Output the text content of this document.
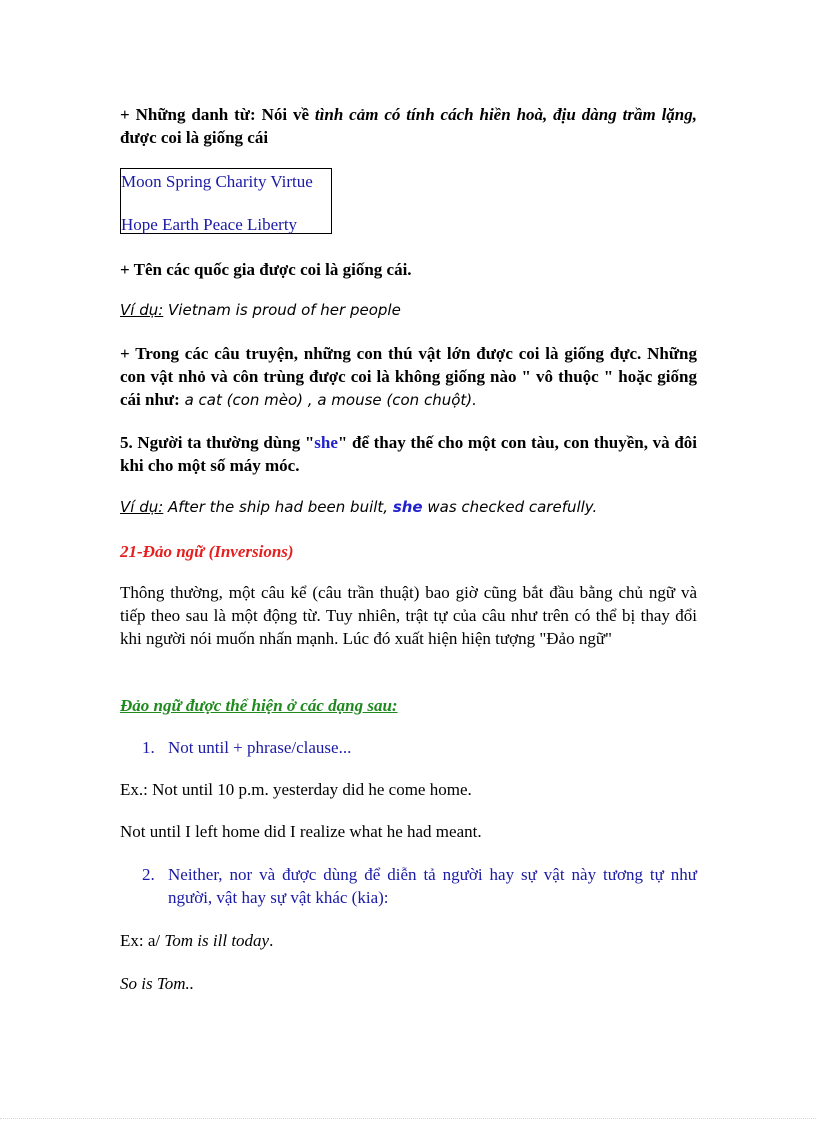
+ Những danh từ: Nói về tình cảm có tính cách hiền hoà, địu dàng trầm lặng, được coi là giống cái

Moon Spring Charity Virtue
Hope Earth Peace Liberty

+ Tên các quốc gia được coi là giống cái.

Ví dụ: Vietnam is proud of her people

+ Trong các câu truyện, những con thú vật lớn được coi là giống đực. Những con vật nhỏ và côn trùng được coi là không giống nào " vô thuộc " hoặc giống cái như: a cat (con mèo) , a mouse (con chuột).

5. Người ta thường dùng "she" để thay thế cho một con tàu, con thuyền, và đôi khi cho một số máy móc.

Ví dụ: After the ship had been built, she was checked carefully.

21-Đảo ngữ (Inversions)

Thông thường, một câu kể (câu trần thuật) bao giờ cũng bắt đầu bằng chủ ngữ và tiếp theo sau là một động từ. Tuy nhiên, trật tự của câu như trên có thể bị thay đổi khi người nói muốn nhấn mạnh. Lúc đó xuất hiện hiện tượng "Đảo ngữ"

Đảo ngữ được thể hiện ở các dạng sau:

1. Not until + phrase/clause...

Ex.: Not until 10 p.m. yesterday did he come home.

Not until I left home did I realize what he had meant.

2. Neither, nor và được dùng để diễn tả người hay sự vật này tương tự như người, vật hay sự vật khác (kia):

Ex: a/ Tom is ill today.

So is Tom..
